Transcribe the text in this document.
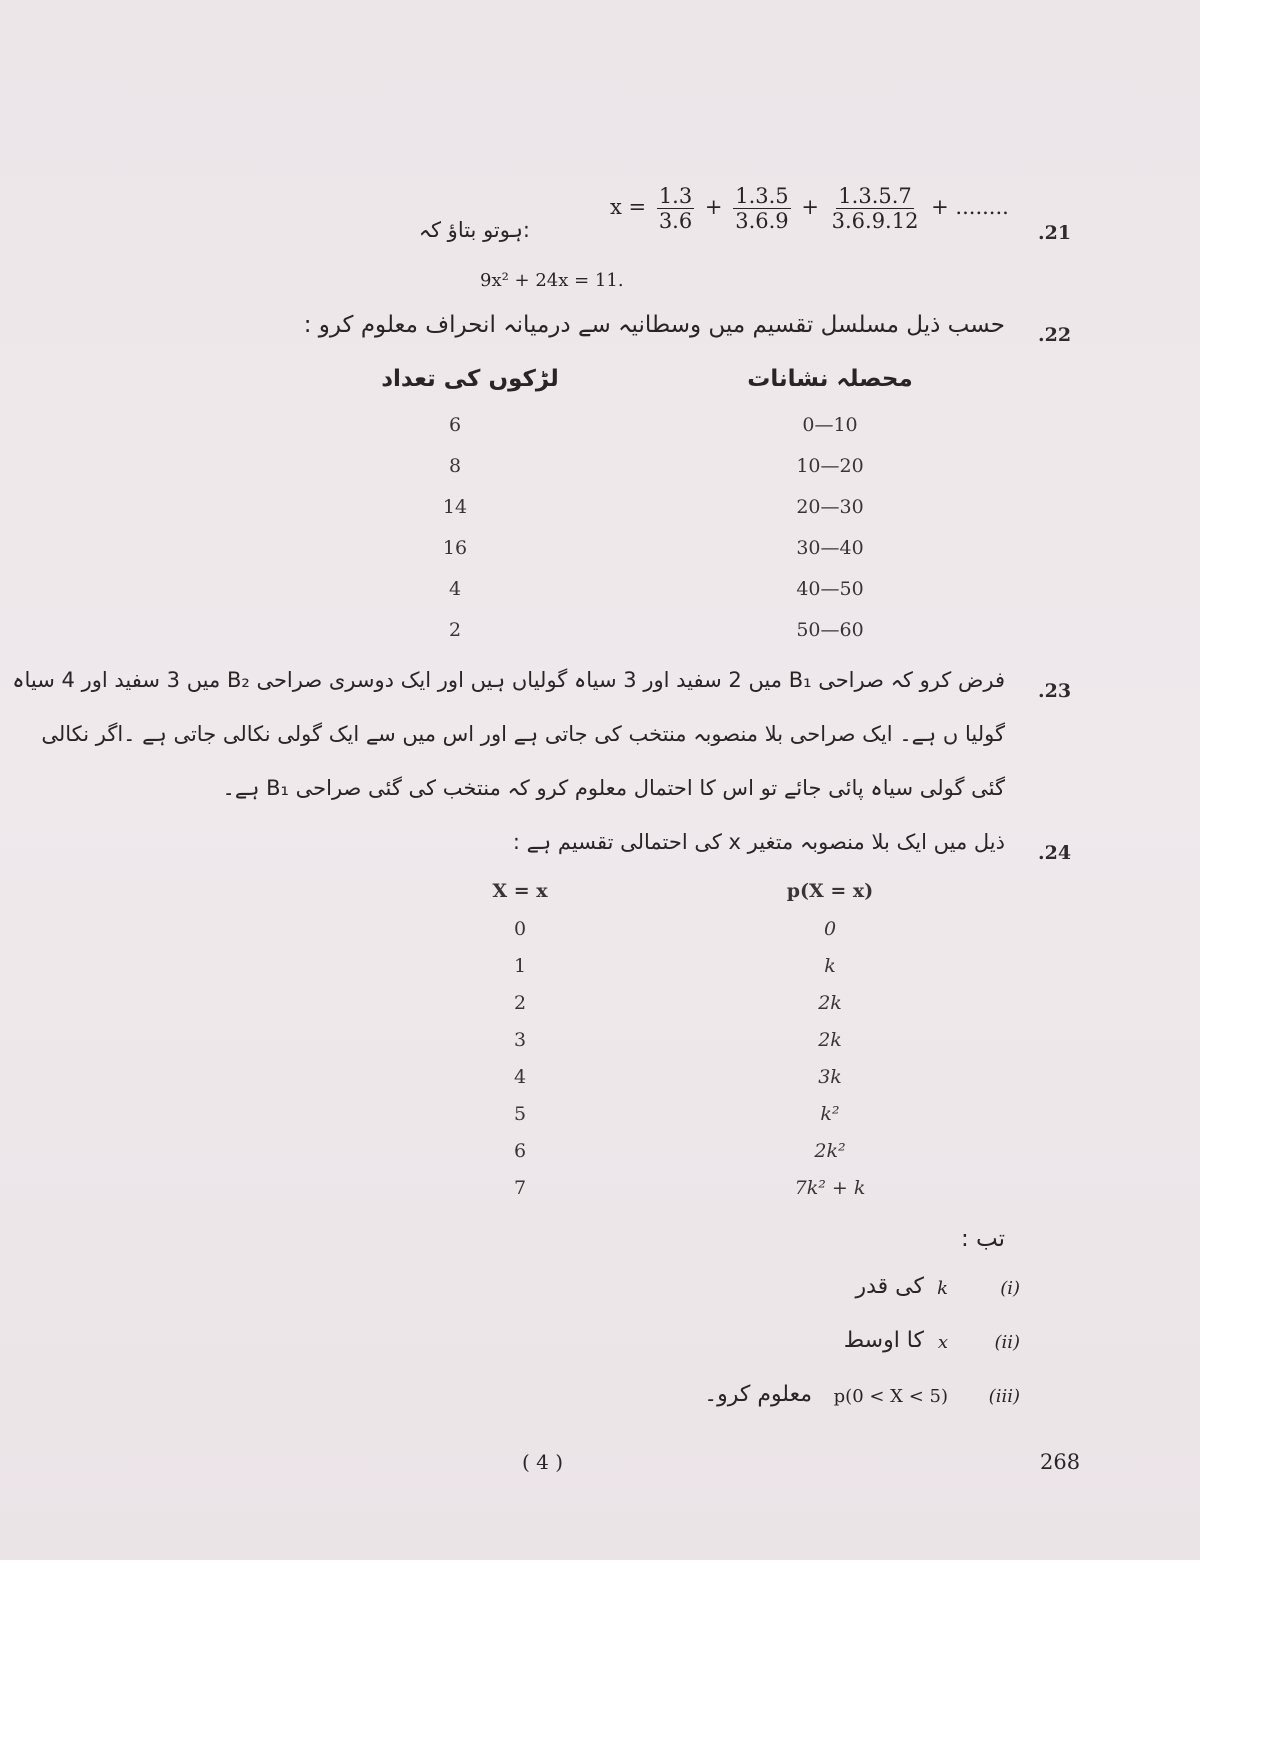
.21
$x = \frac{1.3}{3.6} + \frac{1.3.5}{3.6.9} + \frac{1.3.5.7}{3.6.9.12}$ + ........
:ہوتو بتاؤ کہ
9x² + 24x = 11.
.22
حسب ذیل مسلسل تقسیم میں وسطانیہ سے درمیانہ انحراف معلوم کرو :
محصلہ نشانات
لڑکوں کی تعداد
0—10
10—20
20—30
30—40
40—50
50—60
6
8
14
16
4
2
.23
فرض کرو کہ صراحی B₁ میں 2 سفید اور 3 سیاہ گولیاں ہیں اور ایک دوسری صراحی B₂ میں 3 سفید اور 4 سیاہ
گولیا ں ہے۔ ایک صراحی بلا منصوبہ منتخب کی جاتی ہے اور اس میں سے ایک گولی نکالی جاتی ہے ۔اگر نکالی
گئی گولی سیاہ پائی جائے تو اس کا احتمال معلوم کرو کہ منتخب کی گئی صراحی B₁ ہے۔
.24
ذیل میں ایک بلا منصوبہ متغیر x کی احتمالی تقسیم ہے :
X = x	p(X = x)
0
1
2
3
4
5
6
7
0
k
2k
2k
3k
k²
2k²
7k² + k
تب :
(i)
k
کی قدر
(ii)
x
کا اوسط
(iii)
p(0 < X < 5)
معلوم کرو۔
( 4 )	268
